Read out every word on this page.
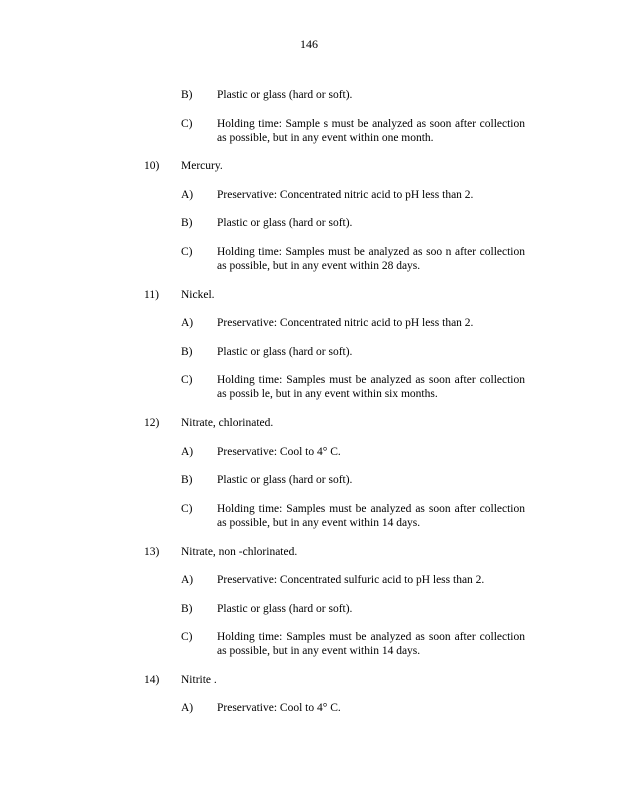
146
B) Plastic or glass (hard or soft).
C) Holding time: Sample s must be analyzed as soon after collection
as possible, but in any event within one month.
10) Mercury.
A) Preservative: Concentrated nitric acid to pH less than 2.
B) Plastic or glass (hard or soft).
C) Holding time: Samples must be analyzed as soo n after collection
as possible, but in any event within 28 days.
11) Nickel.
A) Preservative: Concentrated nitric acid to pH less than 2.
B) Plastic or glass (hard or soft).
C) Holding time: Samples must be analyzed as soon after collection
as possib le, but in any event within six months.
12) Nitrate, chlorinated.
A) Preservative: Cool to 4° C.
B) Plastic or glass (hard or soft).
C) Holding time: Samples must be analyzed as soon after collection
as possible, but in any event within 14 days.
13) Nitrate, non -chlorinated.
A) Preservative: Concentrated sulfuric acid to pH less than 2.
B) Plastic or glass (hard or soft).
C) Holding time: Samples must be analyzed as soon after collection
as possible, but in any event within 14 days.
14) Nitrite .
A) Preservative: Cool to 4° C.
